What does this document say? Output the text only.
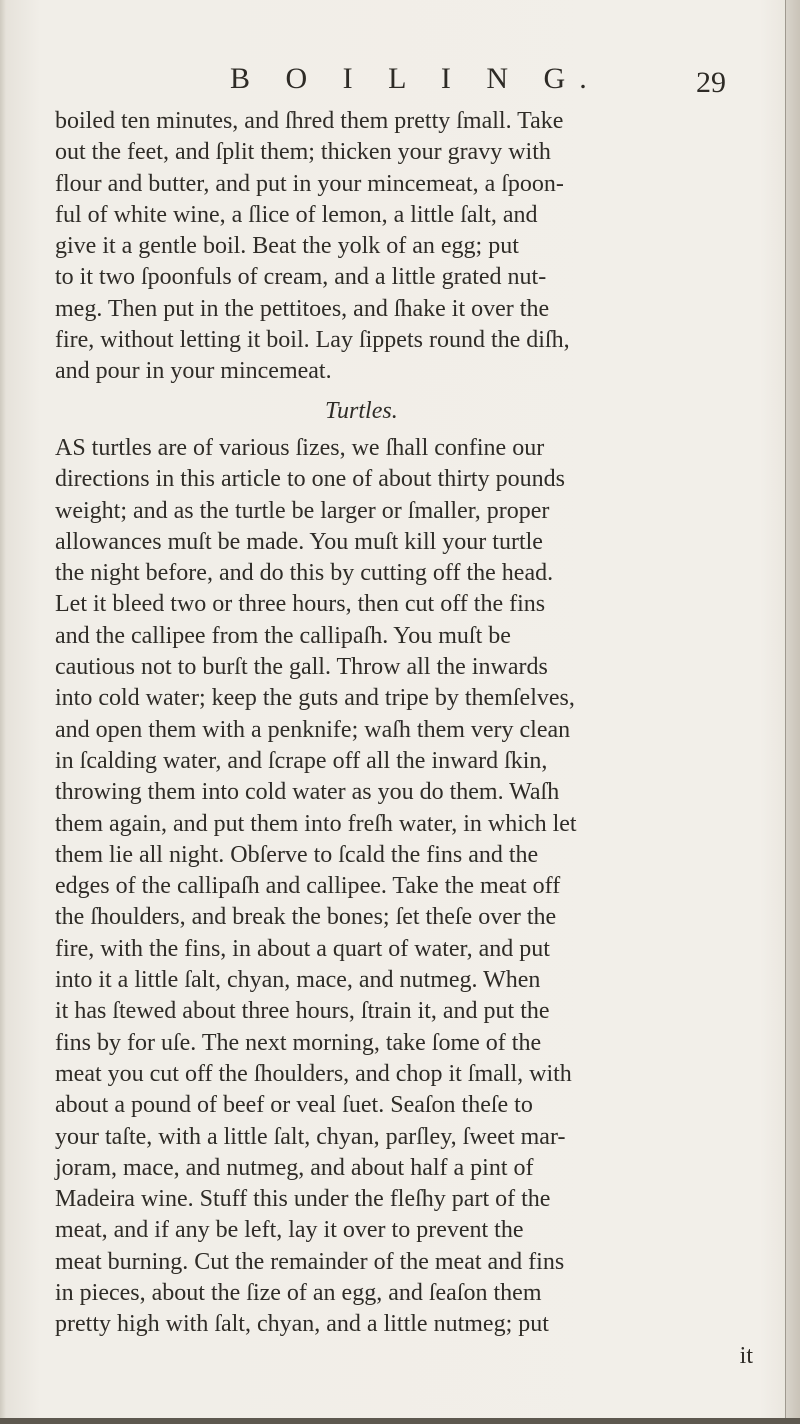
B O I L I N G.	29
boiled ten minutes, and ſhred them pretty ſmall. Take
out the feet, and ſplit them; thicken your gravy with
flour and butter, and put in your mincemeat, a ſpoon-
ful of white wine, a ſlice of lemon, a little ſalt, and
give it a gentle boil. Beat the yolk of an egg; put
to it two ſpoonfuls of cream, and a little grated nut-
meg. Then put in the pettitoes, and ſhake it over the
fire, without letting it boil. Lay ſippets round the diſh,
and pour in your mincemeat.
Turtles.
AS turtles are of various ſizes, we ſhall confine our
directions in this article to one of about thirty pounds
weight; and as the turtle be larger or ſmaller, proper
allowances muſt be made. You muſt kill your turtle
the night before, and do this by cutting off the head.
Let it bleed two or three hours, then cut off the fins
and the callipee from the callipaſh. You muſt be
cautious not to burſt the gall. Throw all the inwards
into cold water; keep the guts and tripe by themſelves,
and open them with a penknife; waſh them very clean
in ſcalding water, and ſcrape off all the inward ſkin,
throwing them into cold water as you do them. Waſh
them again, and put them into freſh water, in which let
them lie all night. Obſerve to ſcald the fins and the
edges of the callipaſh and callipee. Take the meat off
the ſhoulders, and break the bones; ſet theſe over the
fire, with the fins, in about a quart of water, and put
into it a little ſalt, chyan, mace, and nutmeg. When
it has ſtewed about three hours, ſtrain it, and put the
fins by for uſe. The next morning, take ſome of the
meat you cut off the ſhoulders, and chop it ſmall, with
about a pound of beef or veal ſuet. Seaſon theſe to
your taſte, with a little ſalt, chyan, parſley, ſweet mar-
joram, mace, and nutmeg, and about half a pint of
Madeira wine. Stuff this under the fleſhy part of the
meat, and if any be left, lay it over to prevent the
meat burning. Cut the remainder of the meat and fins
in pieces, about the ſize of an egg, and ſeaſon them
pretty high with ſalt, chyan, and a little nutmeg; put
it
